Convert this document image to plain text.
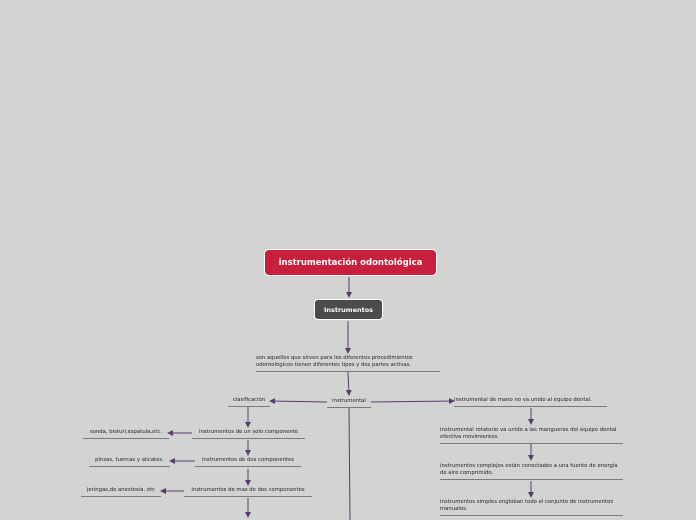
instrumentación odontológica
Instrumentos
son aquellos que sirven para los diferentes procedimientos odontológicos tienen diferentes tipos y dos partes activas.
instrumental
clasificación
instrumentos de un solo componente
instrumentos de dos componentes
instrumentos de mas de dos componentes
sonda, bisturi,espatula,etc.
pinzas, tuercas y alicates.
jeringas,de anestesia, etc
instrumental de mano no va unido al equipo dental.
instrumental rotatorio va unido a las mangueras del equipo dental efectiva movimientos.
instrumentos complejos están conectados a una fuente de energía de aire comprimido.
instrumentos simples engloban todo el conjunto de instrumentos manuales.
